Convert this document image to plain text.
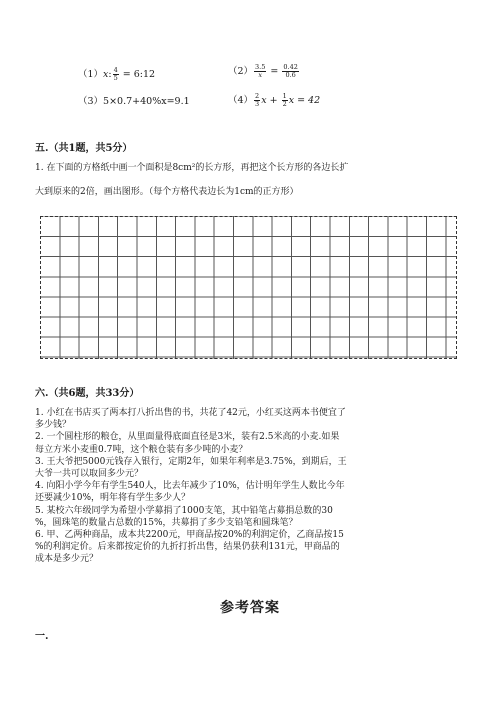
（1）x: $\frac{4}{5}$ = 6:12	$(2) \frac{3.5}{x} = \frac{0.42}{0.6}$
（3）5×0.7+40%x=9.1	$(4) \frac{2}{3}$ $x + \frac{1}{2}$ x = 42
五.（共1题，共5分）
1. 在下面的方格纸中画一个面积是8cm²的长方形，再把这个长方形的各边长扩
大到原来的2倍，画出图形。（每个方格代表边长为1cm的正方形）
六.（共6题，共33分）
1. 小红在书店买了两本打八折出售的书，共花了42元，小红买这两本书便宜了
多少钱？
2. 一个圆柱形的粮仓，从里面量得底面直径是3米，装有2.5米高的小麦.如果
每立方米小麦重0.7吨，这个粮仓装有多少吨的小麦？
3. 王大爷把5000元钱存入银行，定期2年，如果年利率是3.75%，到期后，王
大爷一共可以取回多少元？
4. 向阳小学今年有学生540人，比去年减少了10%，估计明年学生人数比今年
还要减少10%，明年将有学生多少人？
5. 某校六年级同学为希望小学募捐了1000支笔，其中铅笔占募捐总数的30
%，圆珠笔的数量占总数的15%，共募捐了多少支铅笔和圆珠笔？
6. 甲、乙两种商品，成本共2200元，甲商品按20%的利润定价，乙商品按15
%的利润定价。后来都按定价的九折打折出售，结果仍获利131元，甲商品的
成本是多少元？
参考答案
一.
